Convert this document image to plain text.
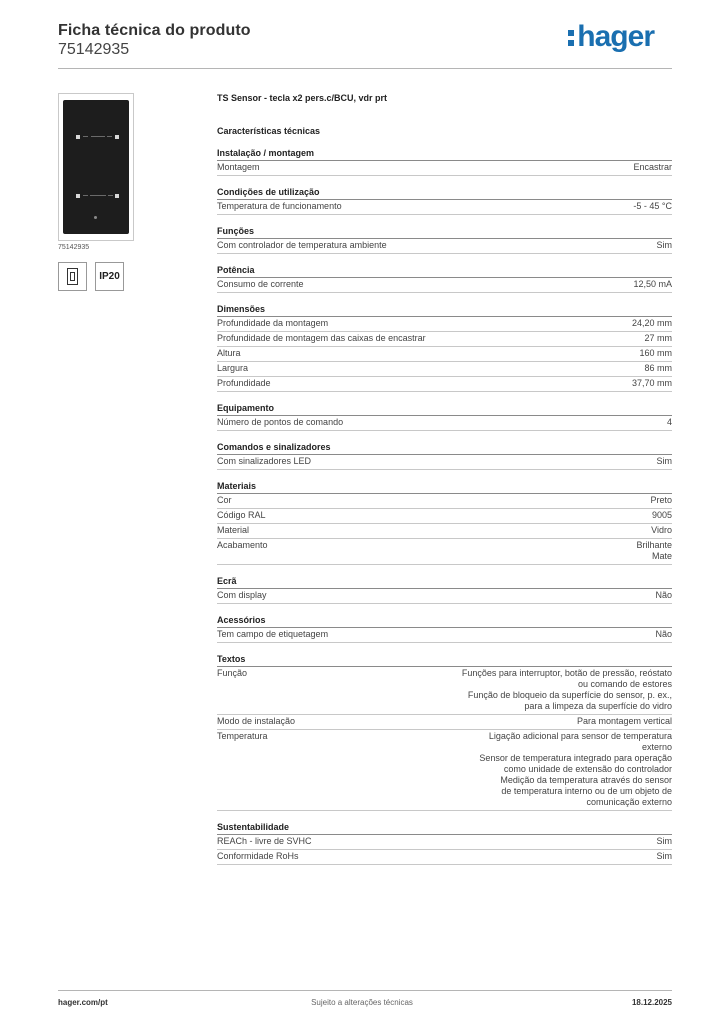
Ficha técnica do produto
75142935	hager
75142935
IP20
TS Sensor - tecla x2 pers.c/BCU, vdr prt
Características técnicas
Instalação / montagem
Montagem	Encastrar
Condições de utilização
Temperatura de funcionamento	-5 - 45 °C
Funções
Com controlador de temperatura ambiente	Sim
Potência
Consumo de corrente	12,50 mA
Dimensões
Profundidade da montagem	24,20 mm
Profundidade de montagem das caixas de encastrar	27 mm
Altura	160 mm
Largura	86 mm
Profundidade	37,70 mm
Equipamento
Número de pontos de comando	4
Comandos e sinalizadores
Com sinalizadores LED	Sim
Materiais
Cor	Preto
Código RAL	9005
Material	Vidro
Acabamento	Brilhante
Mate
Ecrã
Com display	Não
Acessórios
Tem campo de etiquetagem	Não
Textos
Função	Funções para interruptor, botão de pressão, reóstato
ou comando de estores
Função de bloqueio da superfície do sensor, p. ex.,
para a limpeza da superfície do vidro
Modo de instalação	Para montagem vertical
Temperatura	Ligação adicional para sensor de temperatura
externo
Sensor de temperatura integrado para operação
como unidade de extensão do controlador
Medição da temperatura através do sensor
de temperatura interno ou de um objeto de
comunicação externo
Sustentabilidade
REACh - livre de SVHC	Sim
Conformidade RoHs	Sim
hager.com/pt	Sujeito a alterações técnicas	18.12.2025
